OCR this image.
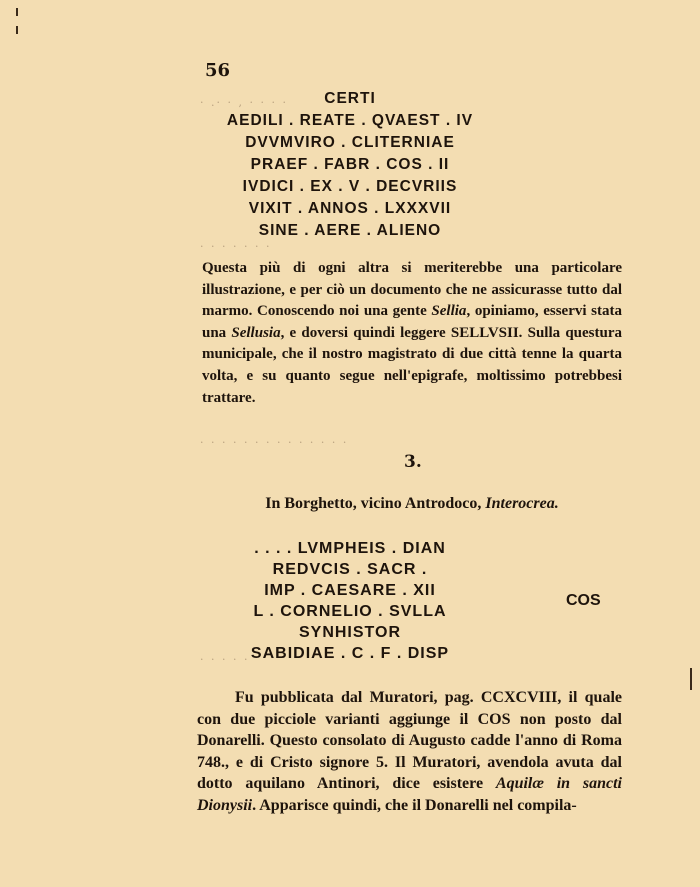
56
· .· · , · · · ·
· · · · · · ·
· · · · · · · · · · · · · ·
· · · · ·
CERTI
AEDILI . REATE . QVAEST . IV
DVVMVIRO . CLITERNIAE
PRAEF . FABR . COS . II
IVDICI . EX . V . DECVRIIS
VIXIT . ANNOS . LXXXVII
SINE . AERE . ALIENO
Questa più di ogni altra si meriterebbe una particolare illustrazione, e per ciò un documento che ne assicurasse tutto dal marmo. Conoscendo noi una gente Sellia, opiniamo, esservi stata una Sellusia, e doversi quindi leggere SELLVSII. Sulla questura municipale, che il nostro magistrato di due città tenne la quarta volta, e su quanto segue nell'epigrafe, moltissimo potrebbesi trattare.
3.
In Borghetto, vicino Antrodoco, Interocrea.
. . . . LVMPHEIS . DIAN
REDVCIS . SACR .
IMP . CAESARE . XII
L . CORNELIO . SVLLA
SYNHISTOR
SABIDIAE . C . F . DISP
COS
Fu pubblicata dal Muratori, pag. CCXCVIII, il quale con due picciole varianti aggiunge il COS non posto dal Donarelli. Questo consolato di Augusto cadde l'anno di Roma 748., e di Cristo signore 5. Il Muratori, avendola avuta dal dotto aquilano Antinori, dice esistere Aquilæ in sancti Dionysii. Apparisce quindi, che il Donarelli nel compila-
